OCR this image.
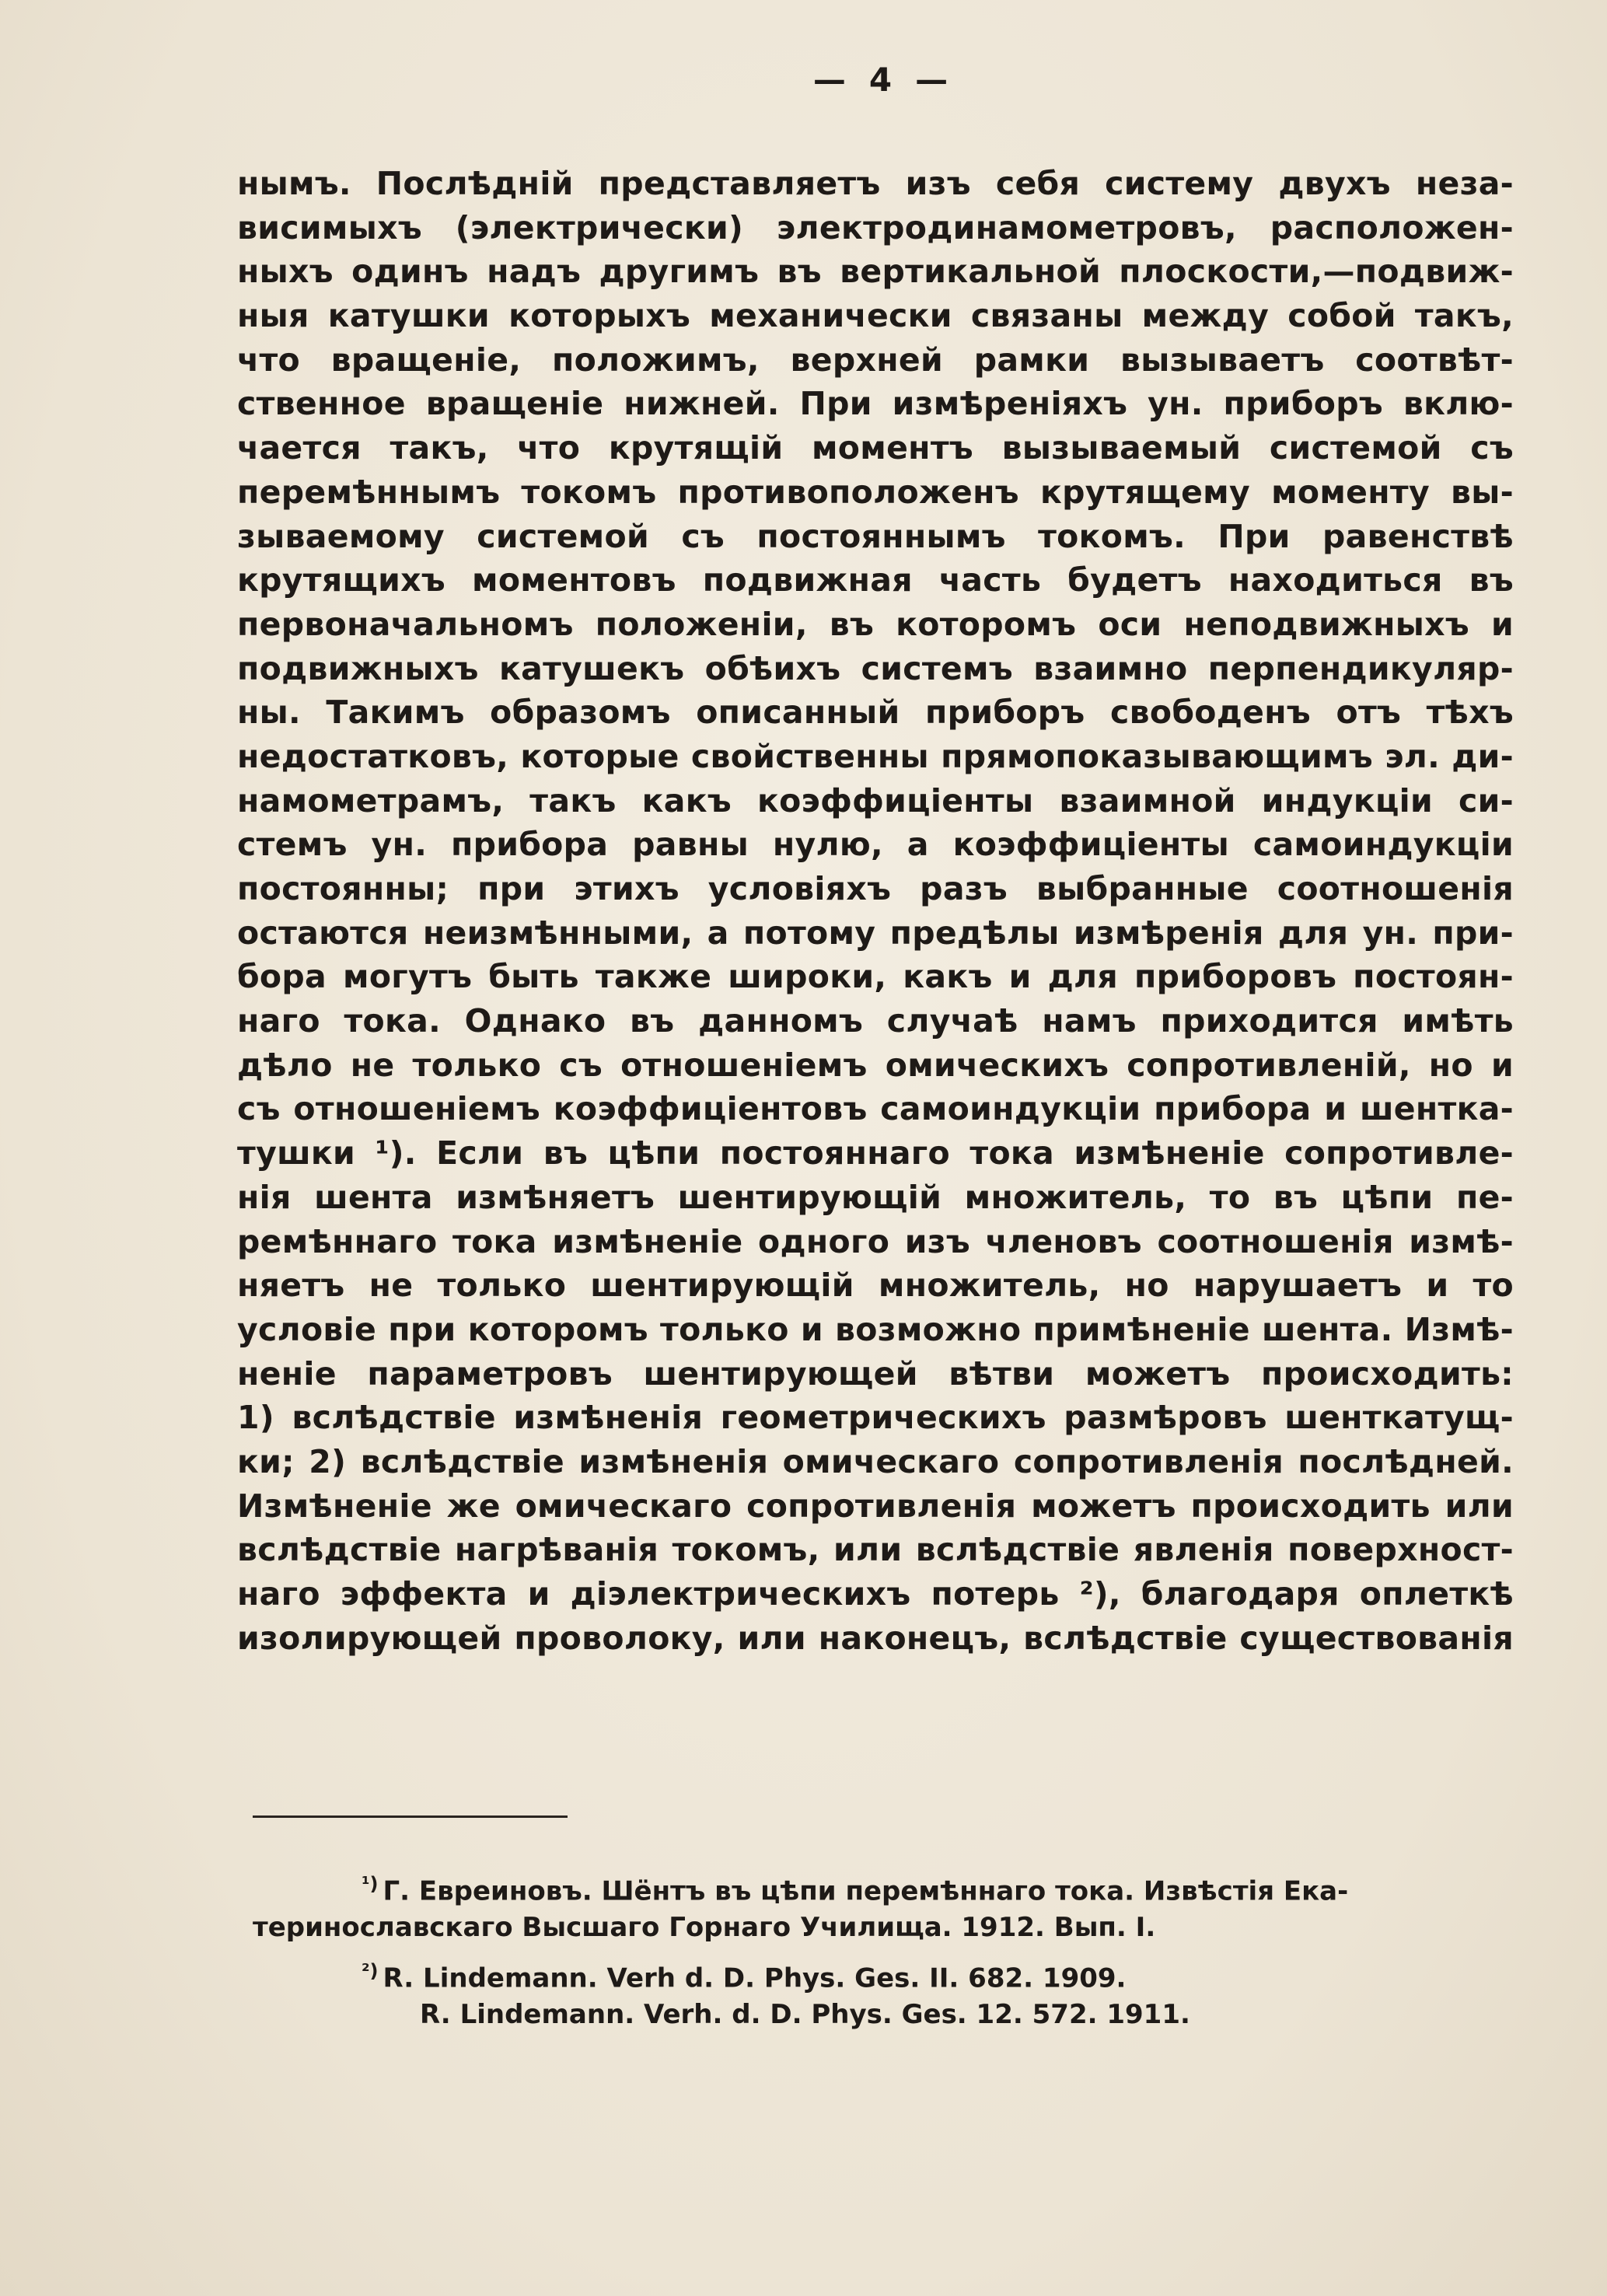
— 4 —
нымъ. Послѣднiй представляетъ изъ себя систему двухъ неза-
висимыхъ (электрически) электродинамометровъ, расположен-
ныхъ одинъ надъ другимъ въ вертикальной плоскости,—подвиж-
ныя катушки которыхъ механически связаны между собой такъ,
что вращенiе, положимъ, верхней рамки вызываетъ соотвѣт-
ственное вращенiе нижней. При измѣренiяхъ ун. приборъ вклю-
чается такъ, что крутящiй моментъ вызываемый системой съ
перемѣннымъ токомъ противоположенъ крутящему моменту вы-
зываемому системой съ постояннымъ токомъ. При равенствѣ
крутящихъ моментовъ подвижная часть будетъ находиться въ
первоначальномъ положенiи, въ которомъ оси неподвижныхъ и
подвижныхъ катушекъ обѣихъ системъ взаимно перпендикуляр-
ны. Такимъ образомъ описанный приборъ свободенъ отъ тѣхъ
недостатковъ, которые свойственны прямопоказывающимъ эл. ди-
намометрамъ, такъ какъ коэффицiенты взаимной индукцiи си-
стемъ ун. прибора равны нулю, а коэффицiенты самоиндукцiи
постоянны; при этихъ условiяхъ разъ выбранные соотношенiя
остаются неизмѣнными, а потому предѣлы измѣренiя для ун. при-
бора могутъ быть также широки, какъ и для приборовъ постоян-
наго тока. Однако въ данномъ случаѣ намъ приходится имѣть
дѣло не только съ отношенiемъ омическихъ сопротивленiй, но и
съ отношенiемъ коэффицiентовъ самоиндукцiи прибора и шентка-
тушки ¹). Если въ цѣпи постояннаго тока измѣненiе сопротивле-
нiя шента измѣняетъ шентирующiй множитель, то въ цѣпи пе-
ремѣннаго тока измѣненiе одного изъ членовъ соотношенiя измѣ-
няетъ не только шентирующiй множитель, но нарушаетъ и то
условiе при которомъ только и возможно примѣненiе шента. Измѣ-
ненiе параметровъ шентирующей вѣтви можетъ происходить:
1) вслѣдствiе измѣненiя геометрическихъ размѣровъ шенткатущ-
ки; 2) вслѣдствiе измѣненiя омическаго сопротивленiя послѣдней.
Измѣненiе же омическаго сопротивленiя можетъ происходить или
вслѣдствiе нагрѣванiя токомъ, или вслѣдствiе явленiя поверхност-
наго эффекта и дiэлектрическихъ потерь ²), благодаря оплеткѣ
изолирующей проволоку, или наконецъ, вслѣдствiе существованiя
$^{^1)}$ Г. Евреиновъ. Шёнтъ въ цѣпи перемѣннаго тока. Извѣстiя Ека-
теринославскаго Высшаго Горнаго Училища. 1912. Вып. I.
$^{^2)}$ R. Lindemann. Verh d. D. Phys. Ges. II. 682. 1909.
R. Lindemann. Verh. d. D. Phys. Ges. 12. 572. 1911.
